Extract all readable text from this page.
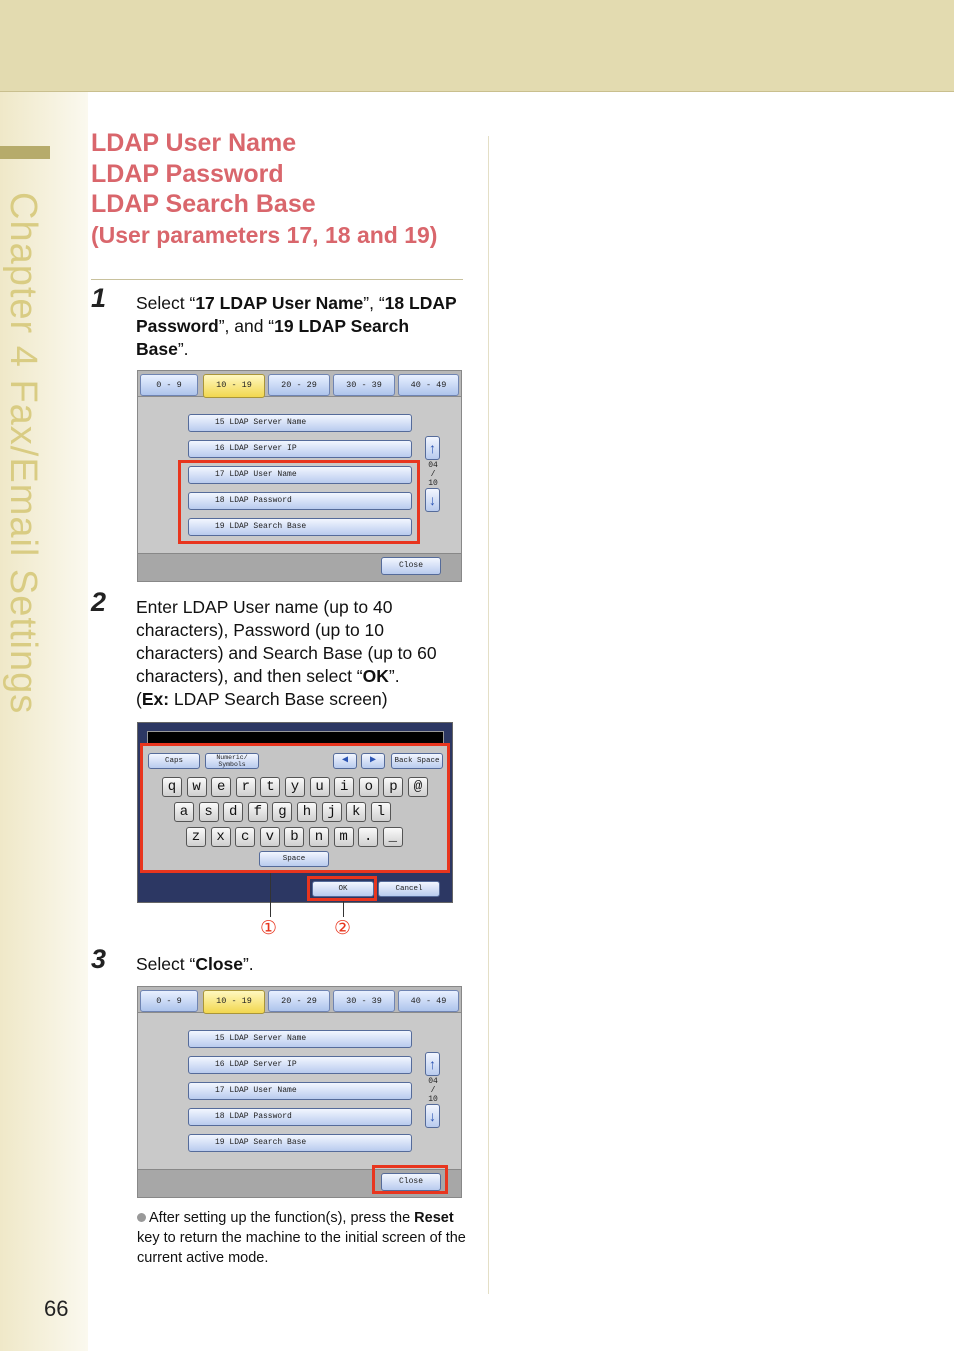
Chapter 4 Fax/Email Settings
66
LDAP User Name
LDAP Password
LDAP Search Base
(User parameters 17, 18 and 19)
1 Select “17 LDAP User Name”, “18 LDAP Password”, and “19 LDAP Search Base”.
0 - 9	10 - 19	20 - 29	30 - 39	40 - 49
15 LDAP Server Name
16 LDAP Server IP
17 LDAP User Name
18 LDAP Password
19 LDAP Search Base
↑
04
/
10
↓
Close
2 Enter LDAP User name (up to 40 characters), Password (up to 10 characters) and Search Base (up to 60 characters), and then select “OK”.
(Ex: LDAP Search Base screen)
Caps	Numeric/ Symbols	◀	▶	Back Space
q	w	e	r	t	y	u	i	o	p	@
a	s	d	f	g	h	j	k	l
z	x	c	v	b	n	m	.	_
Space
OK	Cancel
①	②
3 Select “Close”.
0 - 9	10 - 19	20 - 29	30 - 39	40 - 49
15 LDAP Server Name
16 LDAP Server IP
17 LDAP User Name
18 LDAP Password
19 LDAP Search Base
↑
04
/
10
↓
Close
After setting up the function(s), press the Reset key to return the machine to the initial screen of the current active mode.
